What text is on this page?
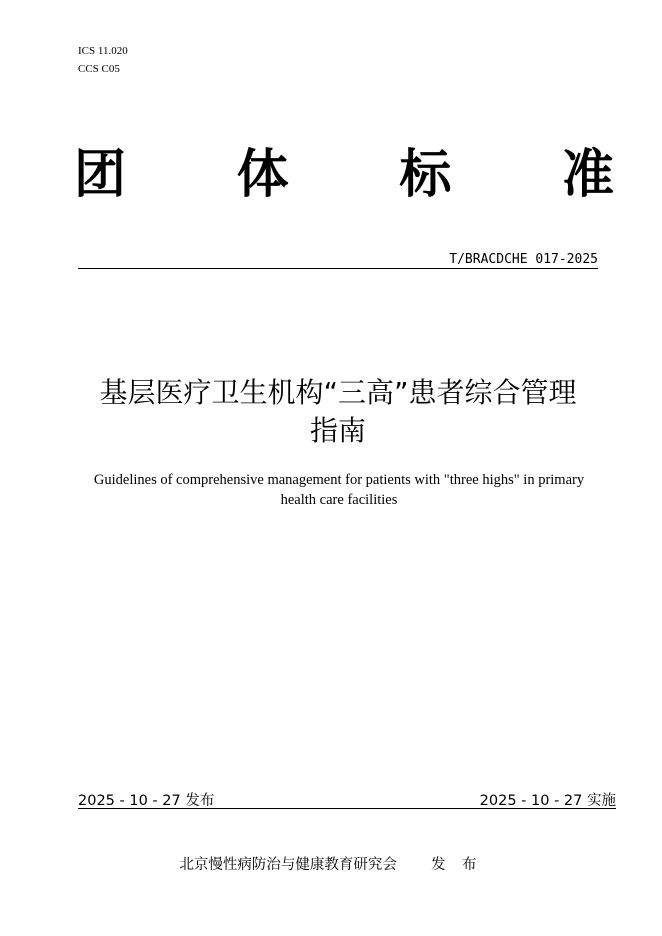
ICS 11.020
CCS C05
团 体 标 准
T/BRACDCHE 017-2025
基层医疗卫生机构“三高”患者综合管理
指南
Guidelines of comprehensive management for patients with "three highs" in primary
health care facilities
2025 - 10 - 27 发布	2025 - 10 - 27 实施
北京慢性病防治与健康教育研究会 发 布
